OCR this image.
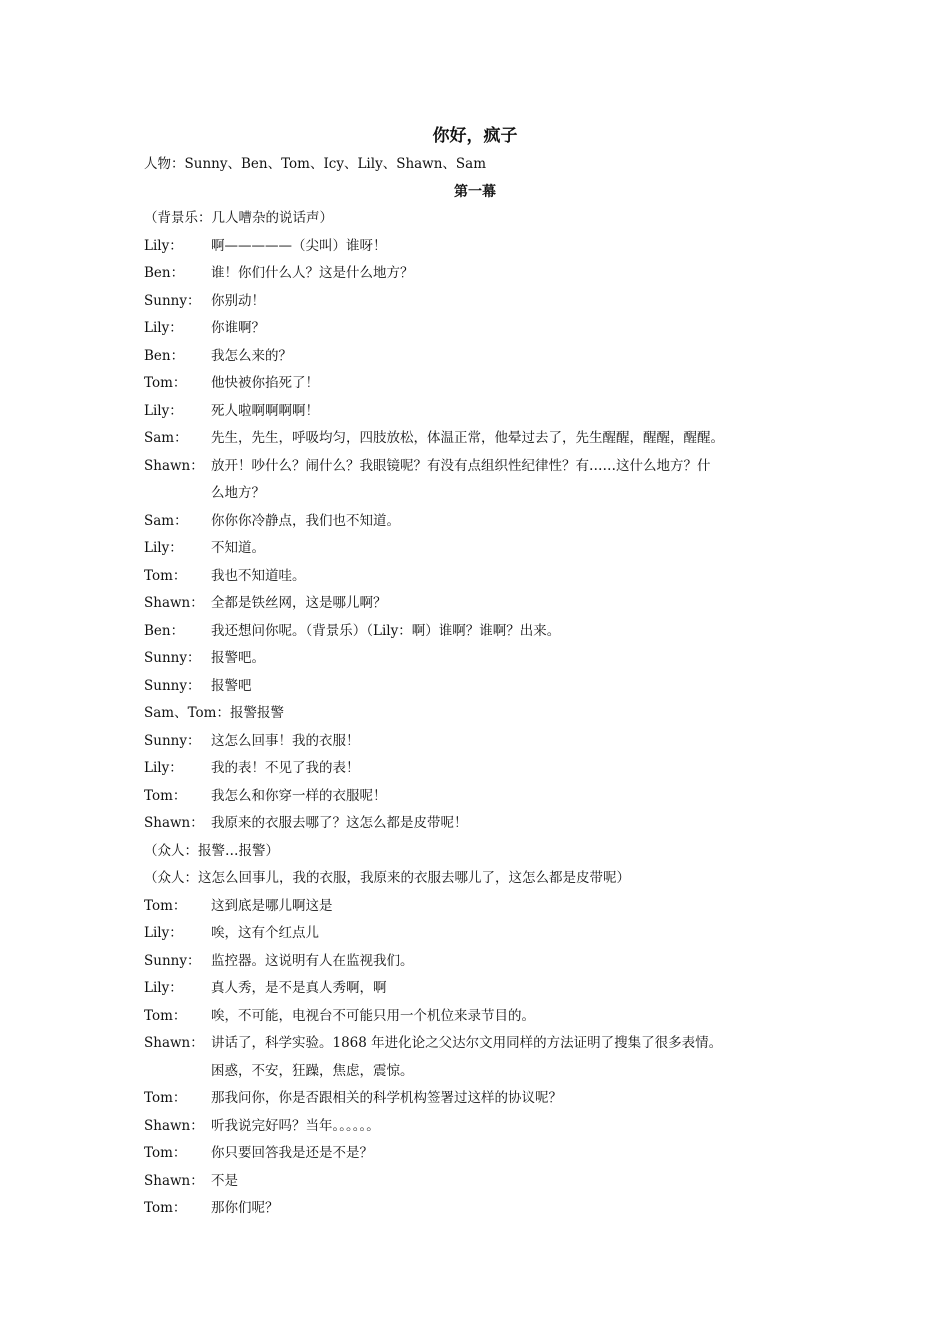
你好，疯子
人物：Sunny、Ben、Tom、Icy、Lily、Shawn、Sam
第一幕
（背景乐：几人嘈杂的说话声）
Lily：	啊—————（尖叫）谁呀！
Ben：	谁！你们什么人？这是什么地方？
Sunny： 你别动！
Lily：	你谁啊？
Ben：	我怎么来的？
Tom：	他快被你掐死了！
Lily：	死人啦啊啊啊啊！
Sam：	先生，先生，呼吸均匀，四肢放松，体温正常，他晕过去了，先生醒醒，醒醒，醒醒。
Shawn： 放开！吵什么？闹什么？我眼镜呢？有没有点组织性纪律性？有……这什么地方？什
么地方？
Sam：	你你你冷静点，我们也不知道。
Lily：	不知道。
Tom：	我也不知道哇。
Shawn： 全都是铁丝网，这是哪儿啊？
Ben：	我还想问你呢。（背景乐）（Lily：啊）谁啊？谁啊？出来。
Sunny： 报警吧。
Sunny： 报警吧
Sam、Tom： 报警报警
Sunny： 这怎么回事！我的衣服！
Lily：	我的表！不见了我的表！
Tom：	我怎么和你穿一样的衣服呢！
Shawn： 我原来的衣服去哪了？这怎么都是皮带呢！
（众人：报警…报警）
（众人：这怎么回事儿，我的衣服，我原来的衣服去哪儿了，这怎么都是皮带呢）
Tom：	这到底是哪儿啊这是
Lily：	唉，这有个红点儿
Sunny： 监控器。这说明有人在监视我们。
Lily：	真人秀，是不是真人秀啊，啊
Tom：	唉，不可能，电视台不可能只用一个机位来录节目的。
Shawn： 讲话了，科学实验。1868 年进化论之父达尔文用同样的方法证明了搜集了很多表情。
困惑，不安，狂躁，焦虑，震惊。
Tom：	那我问你，你是否跟相关的科学机构签署过这样的协议呢？
Shawn： 听我说完好吗？当年。。。。。。
Tom：	你只要回答我是还是不是？
Shawn： 不是
Tom：	那你们呢？
